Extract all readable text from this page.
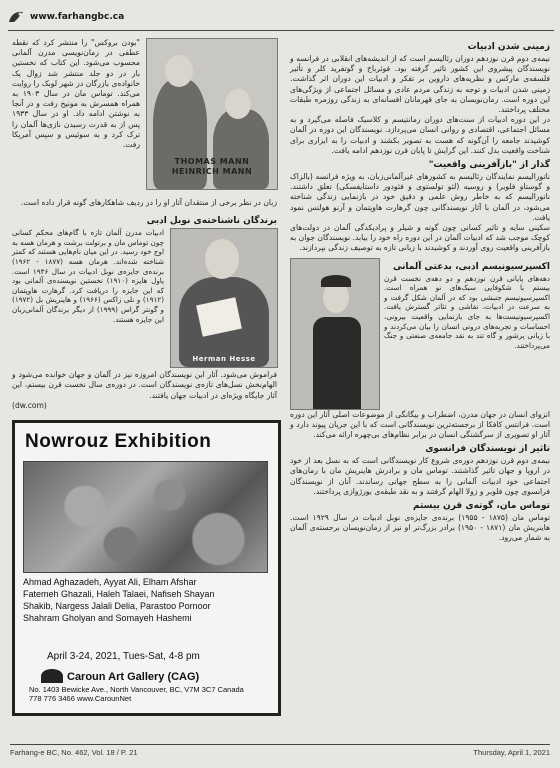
www.farhangbc.ca
زمینی شدن ادبیات

نیمه‌ی دوم قرن نوزدهم دوران رئالیسم است که از اندیشه‌های انقلابی در فرانسه و نویسندگان پیشروی این کشور تاثیر گرفته بود. فوئرباخ و گوتفرید کلر و تأثیر فلسفه‌ی مارکس و نظریه‌های داروین بر تفکر و ادبیات این دوران اثر گذاشت. زمینی شدن ادبیات و توجه به زندگی مردم عادی و مسائل اجتماعی از ویژگی‌های این دوره است. رمان‌نویسان به جای قهرمانان افسانه‌ای به زندگی روزمره طبقات مختلف پرداختند.

در این دوره ادبیات از سنت‌های دوران رمانتیسم و کلاسیک فاصله می‌گیرد و به مسائل اجتماعی، اقتصادی و روانی انسان می‌پردازد. نویسندگان این دوره در آلمان کوشیدند جامعه را آن‌گونه که هست به تصویر بکشند و ادبیات را به ابزاری برای شناخت واقعیت بدل کنند. این گرایش تا پایان قرن نوزدهم ادامه یافت.

گذار از "بازآفرینی واقعیت"

ناتورالیسم نمایندگان رئالیسم به کشورهای غیرآلمانی‌زبان، به ویژه فرانسه (بالزاک و گوستاو فلوبر) و روسیه (لئو تولستوی و فئودور داستایفسکی) تعلق داشتند. ناتورالیسم که به خاطر روش علمی و دقیق خود در بازنمایی زندگی شناخته می‌شود، در آلمان با آثار نویسندگانی چون گرهارت هاوپتمان و آرنو هولتس نمود یافت.

سکینی سایه و تاثیر کسانی چون گوته و شیلر و پرادیکدگی آلمان در دولت‌های کوچک موجب شد که ادبیات آلمان در این دوره راه خود را بیابد. نویسندگان جوان به بازآفرینی واقعیت روی آوردند و کوشیدند با زبانی تازه به توصیف زندگی بپردازند.

اکسپرسیونیسم ادبی، بدعتی آلمانی

دهه‌های پایانی قرن نوزدهم و دو دهه‌ی نخست قرن بیستم با شکوفایی سبک‌های نو همراه است. اکسپرسیونیسم جنبشی بود که در آلمان شکل گرفت و به سرعت در ادبیات، نقاشی و تئاتر گسترش یافت. اکسپرسیونیست‌ها به جای بازنمایی واقعیت بیرونی، احساسات و تجربه‌های درونی انسان را بیان می‌کردند و با زبانی پرشور و گاه تند به نقد جامعه‌ی صنعتی و جنگ می‌پرداختند.

انزوای انسان در جهان مدرن، اضطراب و بیگانگی از موضوعات اصلی آثار این دوره است. فرانتس کافکا از برجسته‌ترین نویسندگانی است که با این جریان پیوند دارد و آثار او تصویری از سرگشتگی انسان در برابر نظام‌های بی‌چهره ارائه می‌کند.

تاثیر از نویسندگان فرانسوی

نیمه‌ی دوم قرن نوزدهم دوره‌ی شروع کار نویسندگانی است که به نسل بعد از خود در اروپا و جهان تاثیر گذاشتند. توماس مان و برادرش هاینریش مان با رمان‌های اجتماعی خود ادبیات آلمانی را به سطح جهانی رساندند. آنان از نویسندگان فرانسوی چون فلوبر و زولا الهام گرفتند و به نقد طبقه‌ی بورژوازی پرداختند.

توماس مان، گوته‌ی قرن بیستم

توماس مان (۱۸۷۵ - ۱۹۵۵) برنده‌ی جایزه‌ی نوبل ادبیات در سال ۱۹۲۹ است. هاینریش مان (۱۸۷۱ - ۱۹۵۰) برادر بزرگ‌تر او نیز از رمان‌نویسان برجسته‌ی آلمان به شمار می‌رود.

"بودن بروکس" را منتشر کرد که نقطه عطفی در رمان‌نویسی مدرن آلمانی محسوب می‌شود. این کتاب که نخستین بار در دو جلد منتشر شد زوال یک خانواده‌ی بازرگان در شهر لوبک را روایت می‌کند. توماس مان در سال ۱۹۰۳ به همراه همسرش به مونیخ رفت و در آنجا به نوشتن ادامه داد. او در سال ۱۹۳۳ پس از به قدرت رسیدن نازی‌ها آلمان را ترک کرد و به سوئیس و سپس آمریکا رفت.

THOMAS MANN
HEINRICH MANN

زبان در نظر برخی از منتقدان آثار او را در ردیف شاهکارهای گوته قرار داده است.

Herman Hesse
برندگان ناشناخته‌ی نوبل ادبی

ادبیات مدرن آلمان تازه با گام‌های محکم کسانی چون توماس مان و برتولت برشت و هرمان هسه به اوج خود رسید. در این میان نام‌هایی هستند که کمتر شناخته شده‌اند. هرمان هسه (۱۸۷۷ - ۱۹۶۲) برنده‌ی جایزه‌ی نوبل ادبیات در سال ۱۹۴۶ است. پاول هایزه (۱۹۱۰) نخستین نویسنده‌ی آلمانی بود که این جایزه را دریافت کرد. گرهارت هاوپتمان (۱۹۱۲) و نلی زاکس (۱۹۶۶) و هاینریش بل (۱۹۷۲) و گونتر گراس (۱۹۹۹) از دیگر برندگان آلمانی‌زبان این جایزه هستند.

فراموش می‌شود. آثار این نویسندگان امروزه نیز در آلمان و جهان خوانده می‌شود و الهام‌بخش نسل‌های تازه‌ی نویسندگان است. در دوره‌ی سال نخست قرن بیستم، این آثار جایگاه ویژه‌ای در ادبیات جهان یافتند.

(dw.com)
Nowrouz Exhibition
Ahmad Aghazadeh, Ayyat Ali, Elham Afshar
Fatemeh Ghazali, Haleh Talaei, Nafiseh Shayan
Shakib, Nargess Jalali Delia, Parastoo Pornoor
Shahram Gholyan and Somayeh Hashemi
April 3-24, 2021, Tues-Sat, 4-8 pm
Caroun Art Gallery (CAG)
No. 1403 Bewicke Ave., North Vancouver, BC, V7M 3C7 Canada
778 776 3466 www.CarounNet
Farhang-e BC, No. 462, Vol. 18 / P. 21	Thursday, April 1, 2021
